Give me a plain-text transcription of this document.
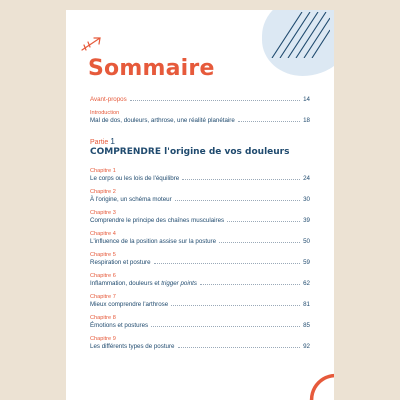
Sommaire
Avant-propos	14
Introduction
Mal de dos, douleurs, arthrose, une réalité planétaire	18
Partie 1
COMPRENDRE l'origine de vos douleurs
Chapitre 1
Le corps ou les lois de l'équilibre	24
Chapitre 2
À l'origine, un schéma moteur	30
Chapitre 3
Comprendre le principe des chaînes musculaires	39
Chapitre 4
L'influence de la position assise sur la posture	50
Chapitre 5
Respiration et posture	59
Chapitre 6
Inflammation, douleurs et trigger points	62
Chapitre 7
Mieux comprendre l'arthrose	81
Chapitre 8
Émotions et postures	85
Chapitre 9
Les différents types de posture	92
